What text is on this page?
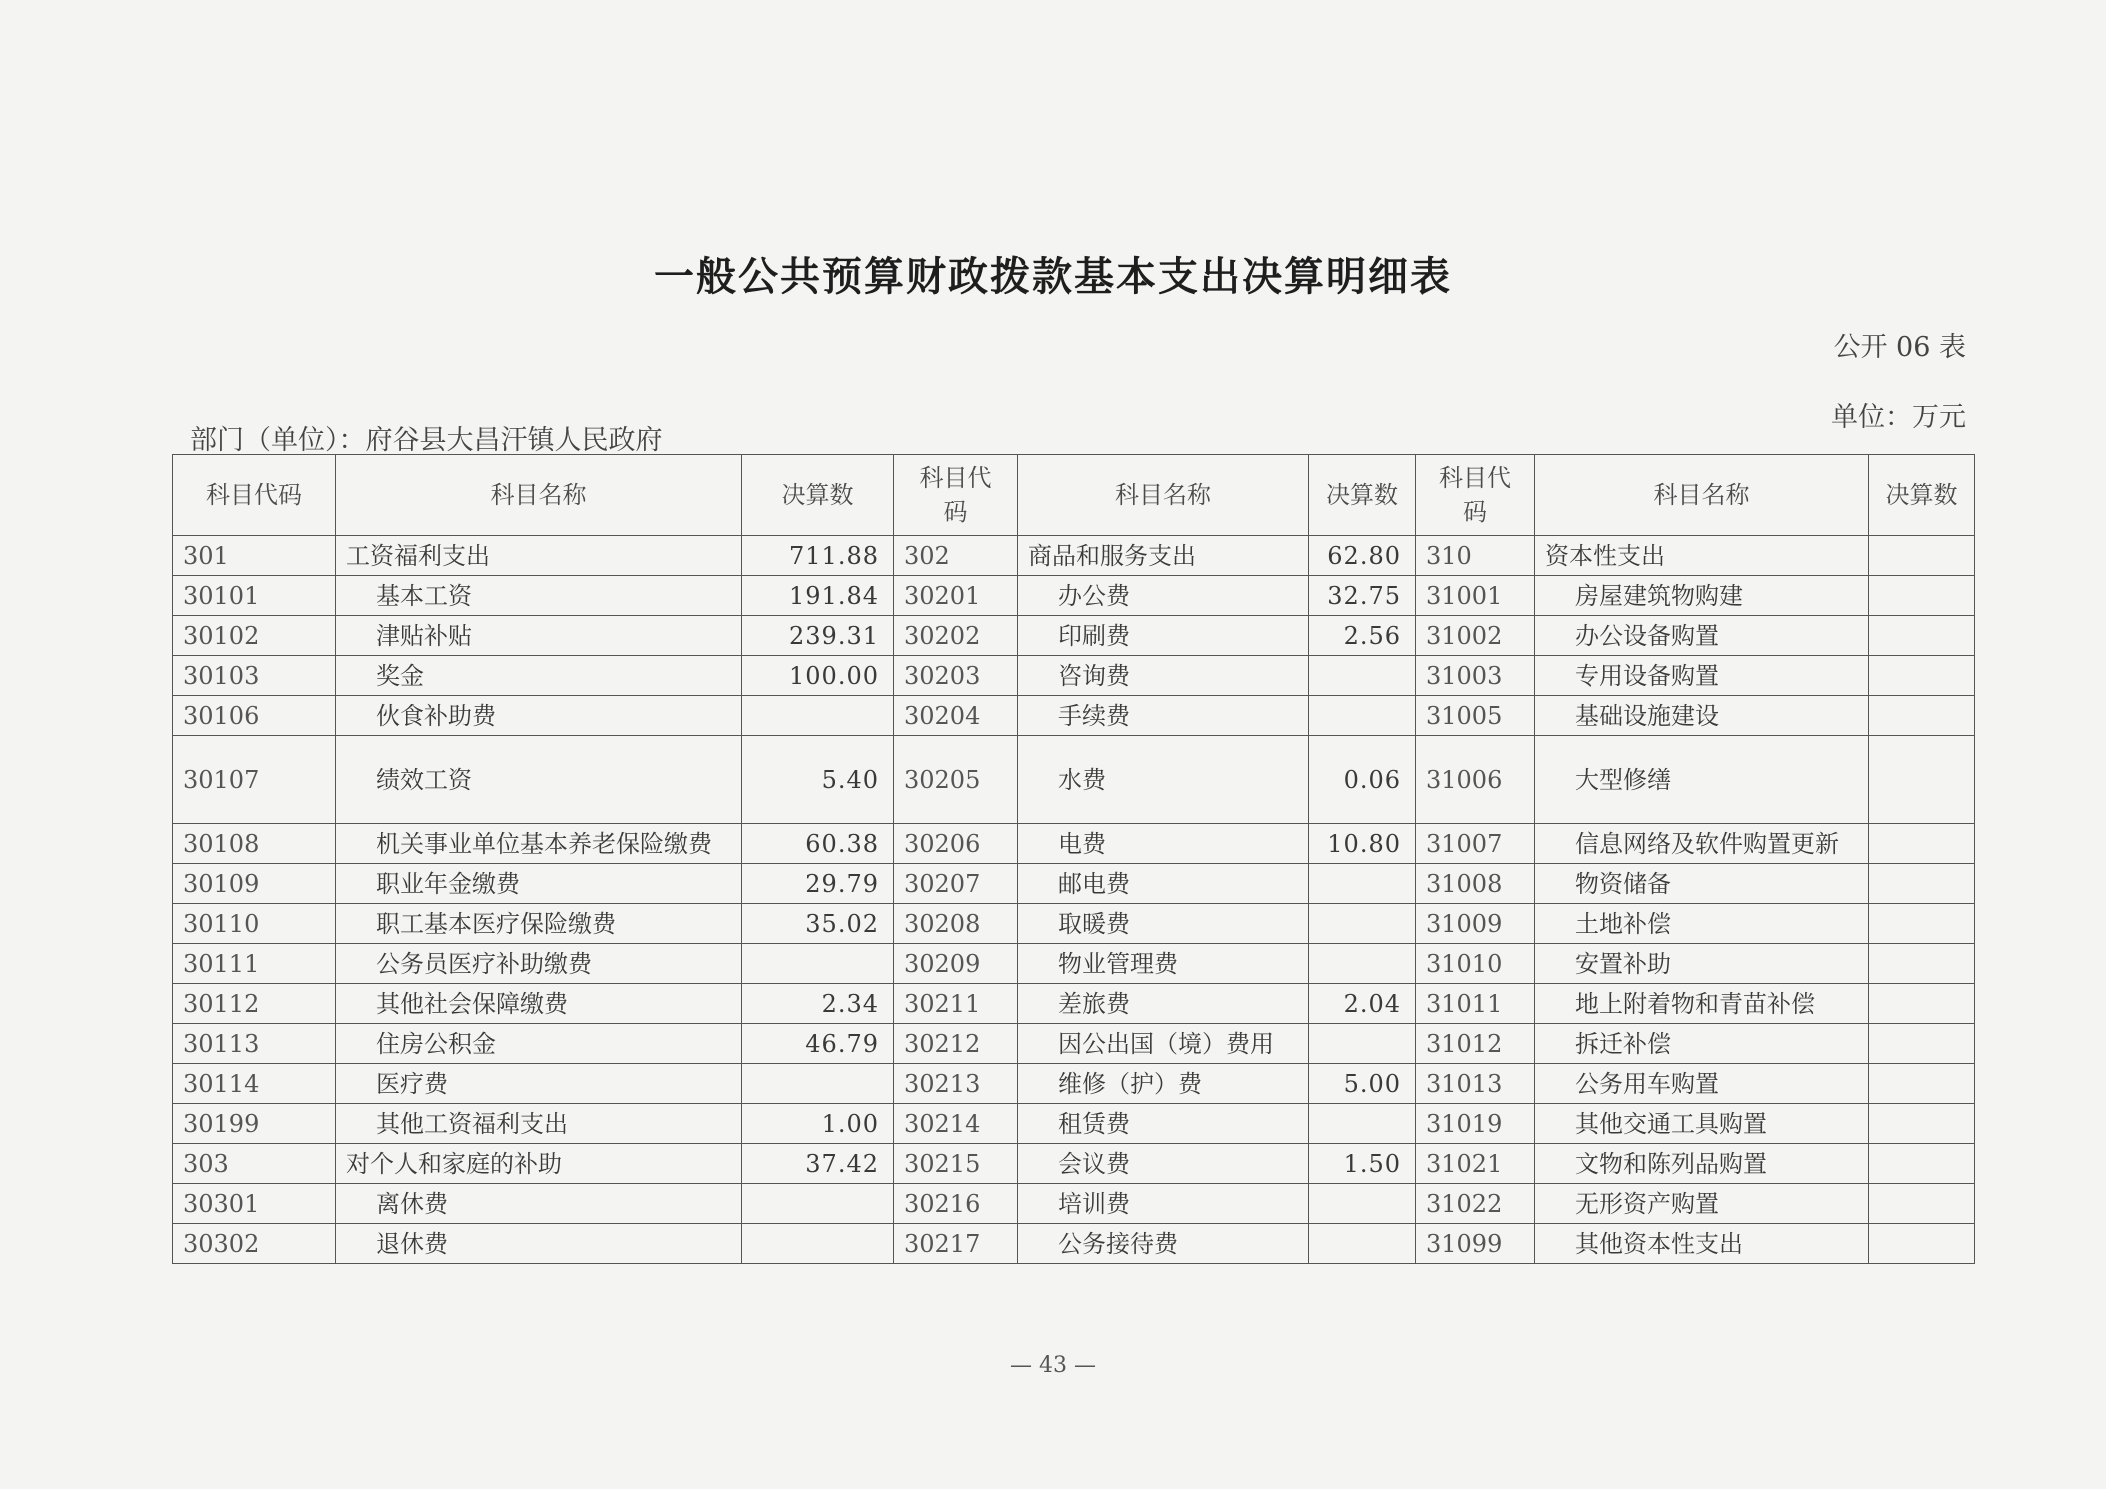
一般公共预算财政拨款基本支出决算明细表
公开 06 表
单位：万元
部门（单位）：府谷县大昌汗镇人民政府
科目代码	科目名称	决算数	科目代码	科目名称	决算数	科目代码	科目名称	决算数
301	工资福利支出	711.88	302	商品和服务支出	62.80	310	资本性支出	
30101	基本工资	191.84	30201	办公费	32.75	31001	房屋建筑物购建	
30102	津贴补贴	239.31	30202	印刷费	2.56	31002	办公设备购置	
30103	奖金	100.00	30203	咨询费		31003	专用设备购置	
30106	伙食补助费		30204	手续费		31005	基础设施建设	
30107	绩效工资	5.40	30205	水费	0.06	31006	大型修缮	
30108	机关事业单位基本养老保险缴费	60.38	30206	电费	10.80	31007	信息网络及软件购置更新	
30109	职业年金缴费	29.79	30207	邮电费		31008	物资储备	
30110	职工基本医疗保险缴费	35.02	30208	取暖费		31009	土地补偿	
30111	公务员医疗补助缴费		30209	物业管理费		31010	安置补助	
30112	其他社会保障缴费	2.34	30211	差旅费	2.04	31011	地上附着物和青苗补偿	
30113	住房公积金	46.79	30212	因公出国（境）费用		31012	拆迁补偿	
30114	医疗费		30213	维修（护）费	5.00	31013	公务用车购置	
30199	其他工资福利支出	1.00	30214	租赁费		31019	其他交通工具购置	
303	对个人和家庭的补助	37.42	30215	会议费	1.50	31021	文物和陈列品购置	
30301	离休费		30216	培训费		31022	无形资产购置	
30302	退休费		30217	公务接待费		31099	其他资本性支出	
— 43 —
